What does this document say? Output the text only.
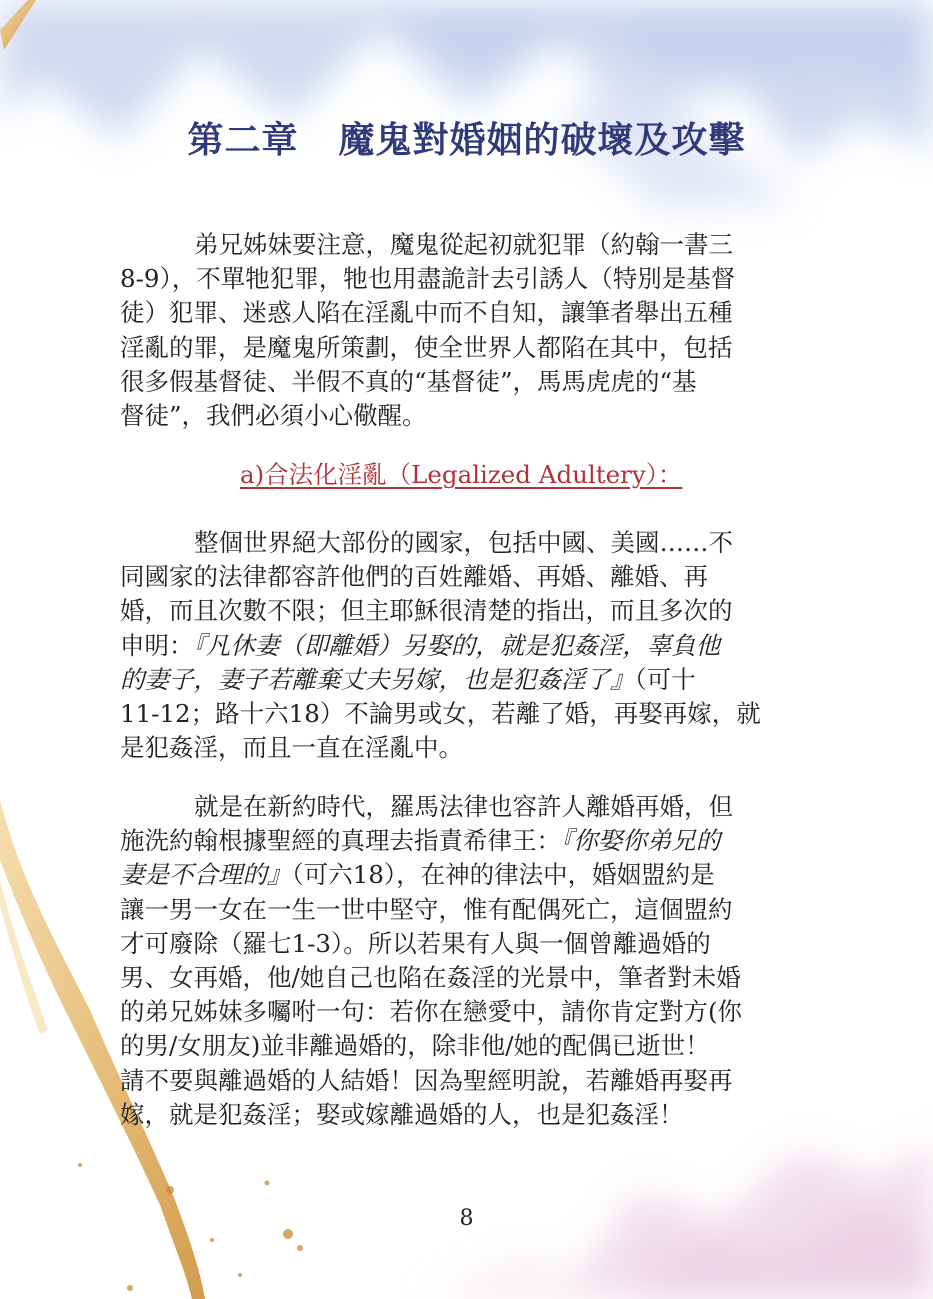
第二章 魔鬼對婚姻的破壞及攻擊
弟兄姊妹要注意，魔鬼從起初就犯罪（約翰一書三
8-9），不單牠犯罪，牠也用盡詭計去引誘人（特別是基督
徒）犯罪、迷惑人陷在淫亂中而不自知，讓筆者舉出五種
淫亂的罪，是魔鬼所策劃，使全世界人都陷在其中，包括
很多假基督徒、半假不真的“基督徒”，馬馬虎虎的“基
督徒”，我們必須小心儆醒。
a)合法化淫亂（Legalized Adultery）：
整個世界絕大部份的國家，包括中國、美國……不
同國家的法律都容許他們的百姓離婚、再婚、離婚、再
婚，而且次數不限；但主耶穌很清楚的指出，而且多次的
申明：『凡休妻（即離婚）另娶的，就是犯姦淫，辜負他
的妻子，妻子若離棄丈夫另嫁，也是犯姦淫了』（可十
11-12；路十六18）不論男或女，若離了婚，再娶再嫁，就
是犯姦淫，而且一直在淫亂中。
就是在新約時代，羅馬法律也容許人離婚再婚，但
施洗約翰根據聖經的真理去指責希律王：『你娶你弟兄的
妻是不合理的』（可六18），在神的律法中，婚姻盟約是
讓一男一女在一生一世中堅守，惟有配偶死亡，這個盟約
才可廢除（羅七1-3）。所以若果有人與一個曾離過婚的
男、女再婚，他/她自己也陷在姦淫的光景中，筆者對未婚
的弟兄姊妹多囑咐一句：若你在戀愛中，請你肯定對方(你
的男/女朋友)並非離過婚的，除非他/她的配偶已逝世！
請不要與離過婚的人結婚！因為聖經明說，若離婚再娶再
嫁，就是犯姦淫；娶或嫁離過婚的人，也是犯姦淫！
8
